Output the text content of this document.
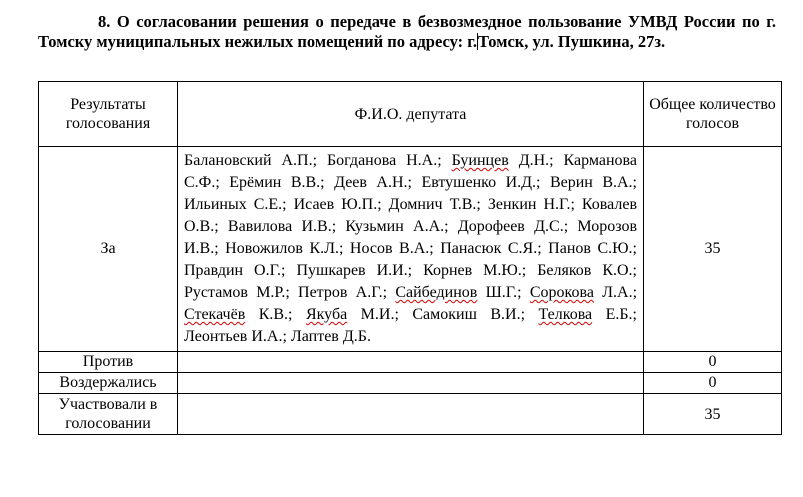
8. О согласовании решения о передаче в безвозмездное пользование УМВД России по г. Томску муниципальных нежилых помещений по адресу: г.Томск, ул. Пушкина, 27з.
Результаты голосования	Ф.И.О. депутата	Общее количество голосов
За	Балановский А.П.; Богданова Н.А.; Буинцев Д.Н.; Карманова С.Ф.; Ерёмин В.В.; Деев А.Н.; Евтушенко И.Д.; Верин В.А.; Ильиных С.Е.; Исаев Ю.П.; Домнич Т.В.; Зенкин Н.Г.; Ковалев О.В.; Вавилова И.В.; Кузьмин А.А.; Дорофеев Д.С.; Морозов И.В.; Новожилов К.Л.; Носов В.А.; Панасюк С.Я.; Панов С.Ю.; Правдин О.Г.; Пушкарев И.И.; Корнев М.Ю.; Беляков К.О.; Рустамов М.Р.; Петров А.Г.; Сайбединов Ш.Г.; Сорокова Л.А.; Стекачёв К.В.; Якуба М.И.; Самокиш В.И.; Телкова Е.Б.; Леонтьев И.А.; Лаптев Д.Б.	35
Против		0
Воздержались		0
Участвовали в голосовании		35
